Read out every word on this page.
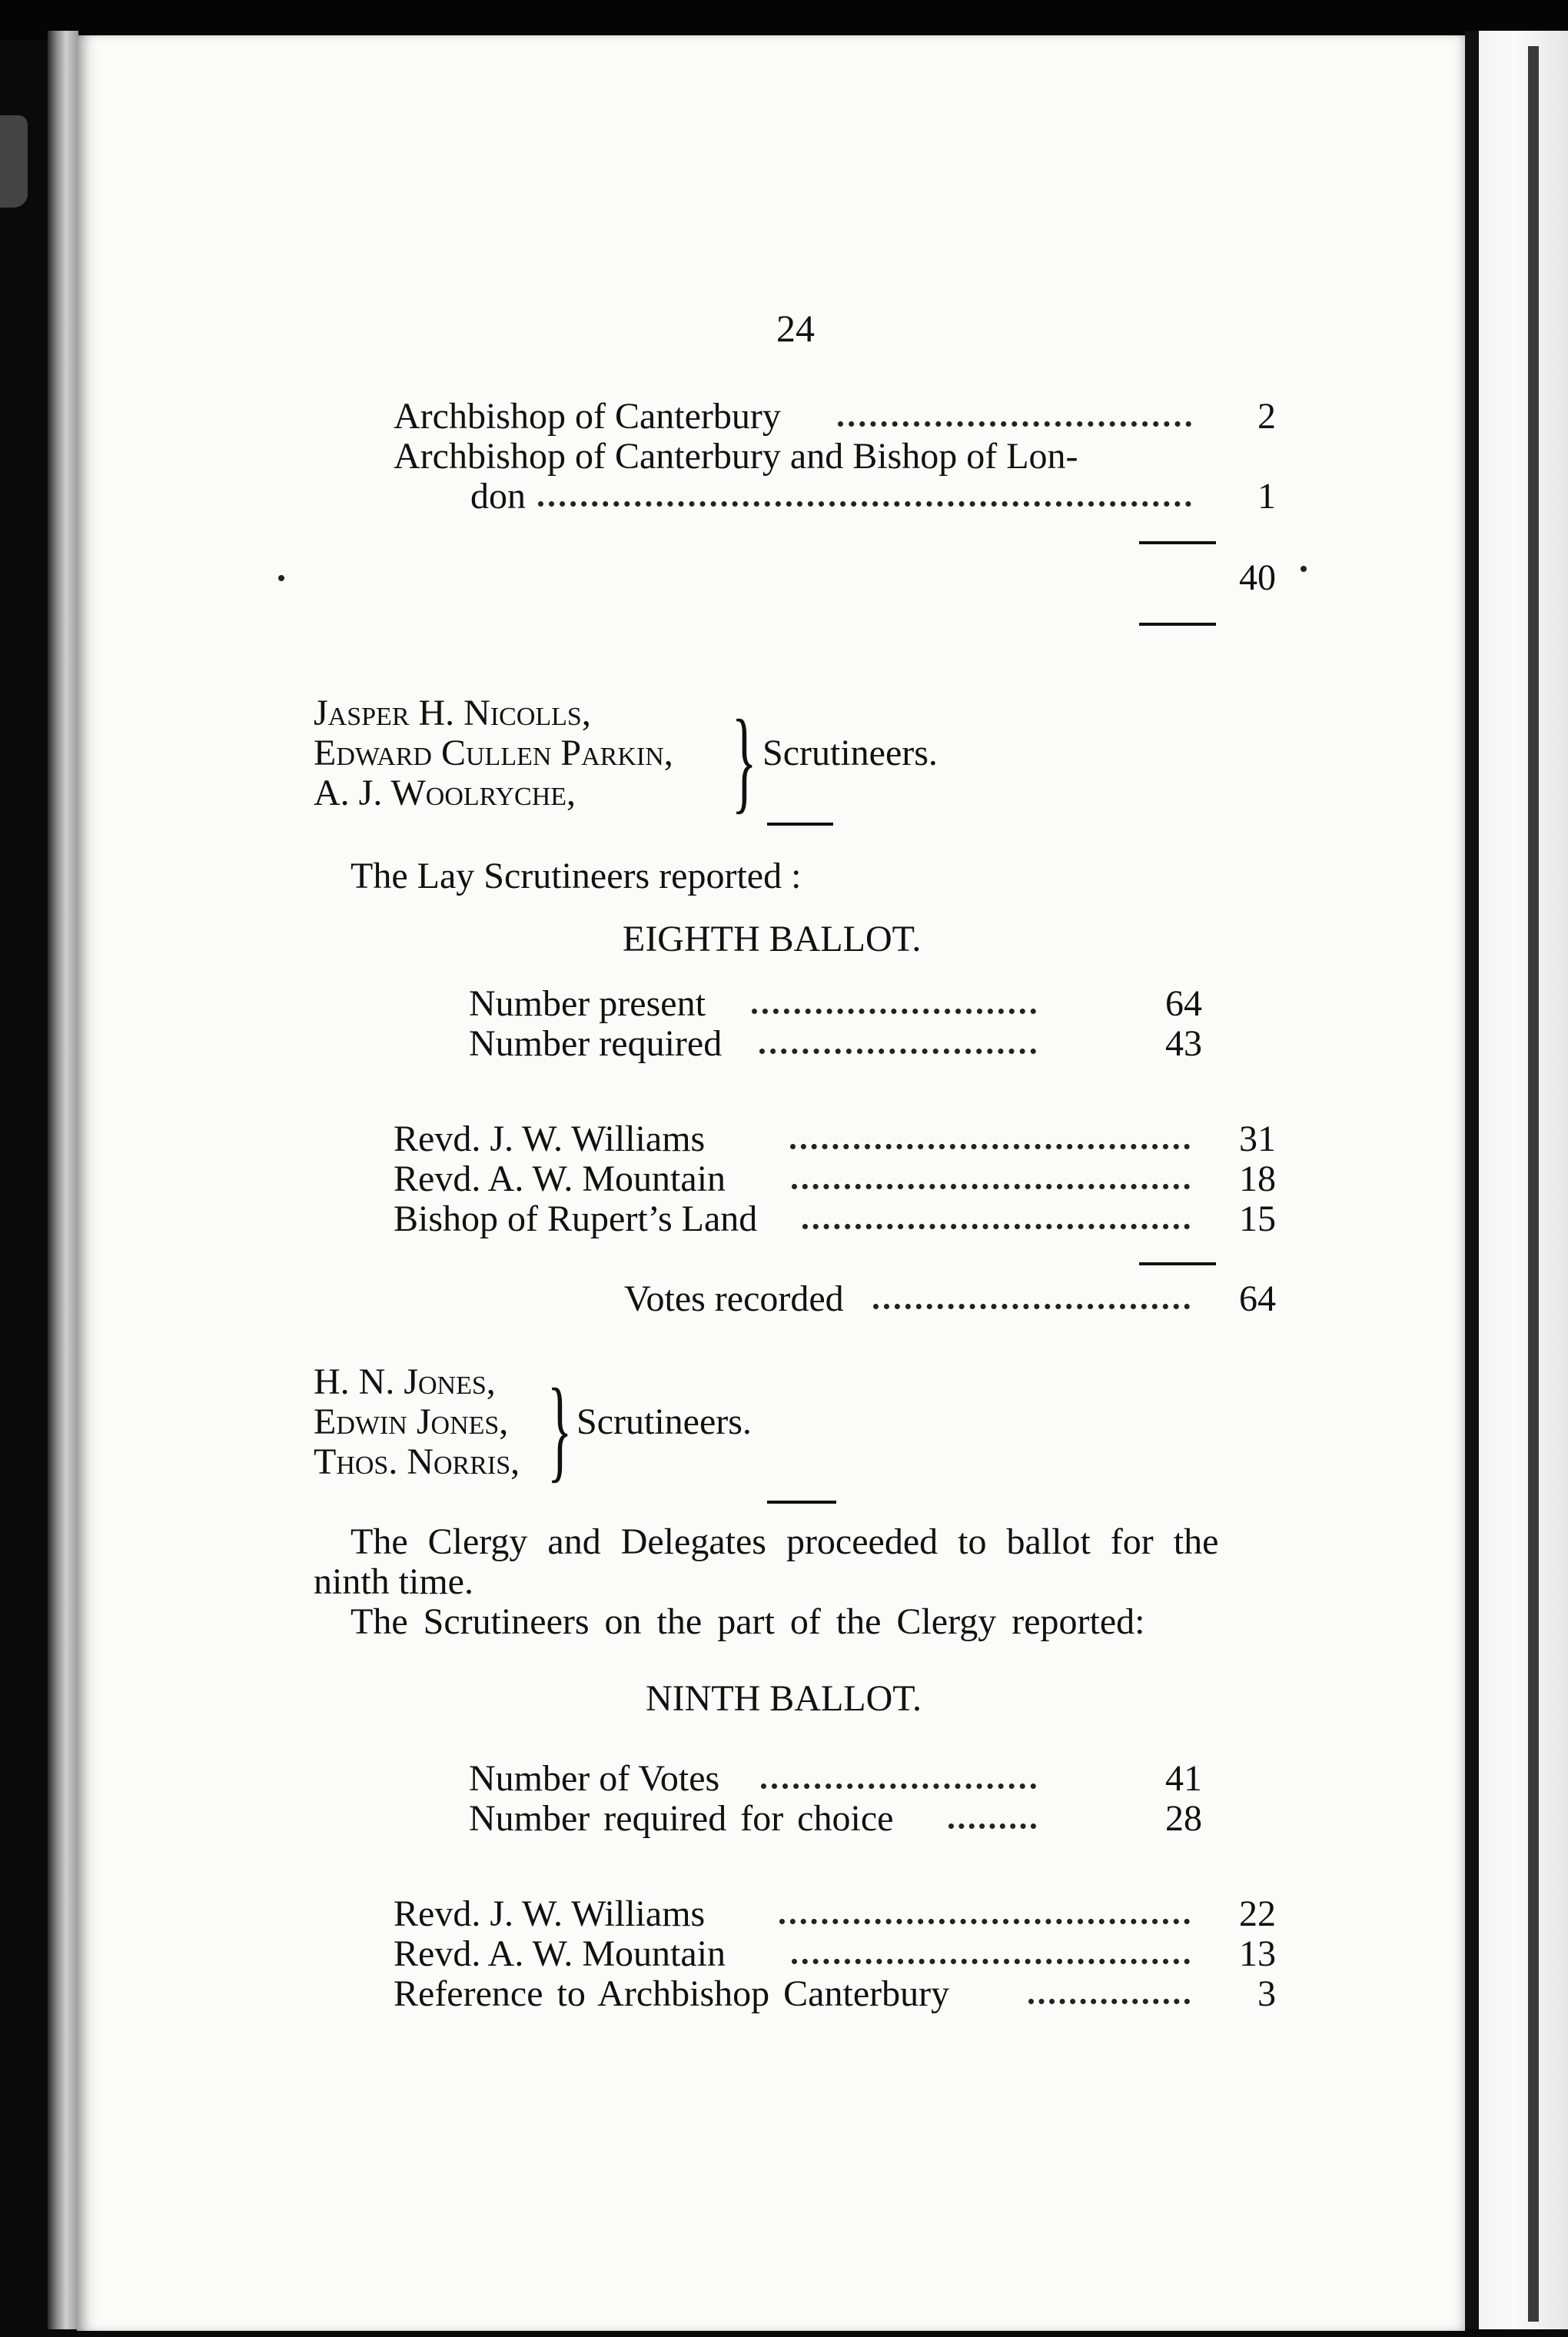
24
Archbishop of Canterbury	2
Archbishop of Canterbury and Bishop of Lon-
don	1
40
Jasper H. Nicolls,
Edward Cullen Parkin,
A. J. Woolryche, } Scrutineers.
The Lay Scrutineers reported :
EIGHTH BALLOT.
Number present	64
Number required	43
Revd. J. W. Williams	31
Revd. A. W. Mountain	18
Bishop of Rupert’s Land	15
Votes recorded	64
H. N. Jones,
Edwin Jones,
Thos. Norris, } Scrutineers.
The Clergy and Delegates proceeded to ballot for the
ninth time.
The Scrutineers on the part of the Clergy reported:
NINTH BALLOT.
Number of Votes	41
Number required for choice	28
Revd. J. W. Williams	22
Revd. A. W. Mountain	13
Reference to Archbishop Canterbury	3
